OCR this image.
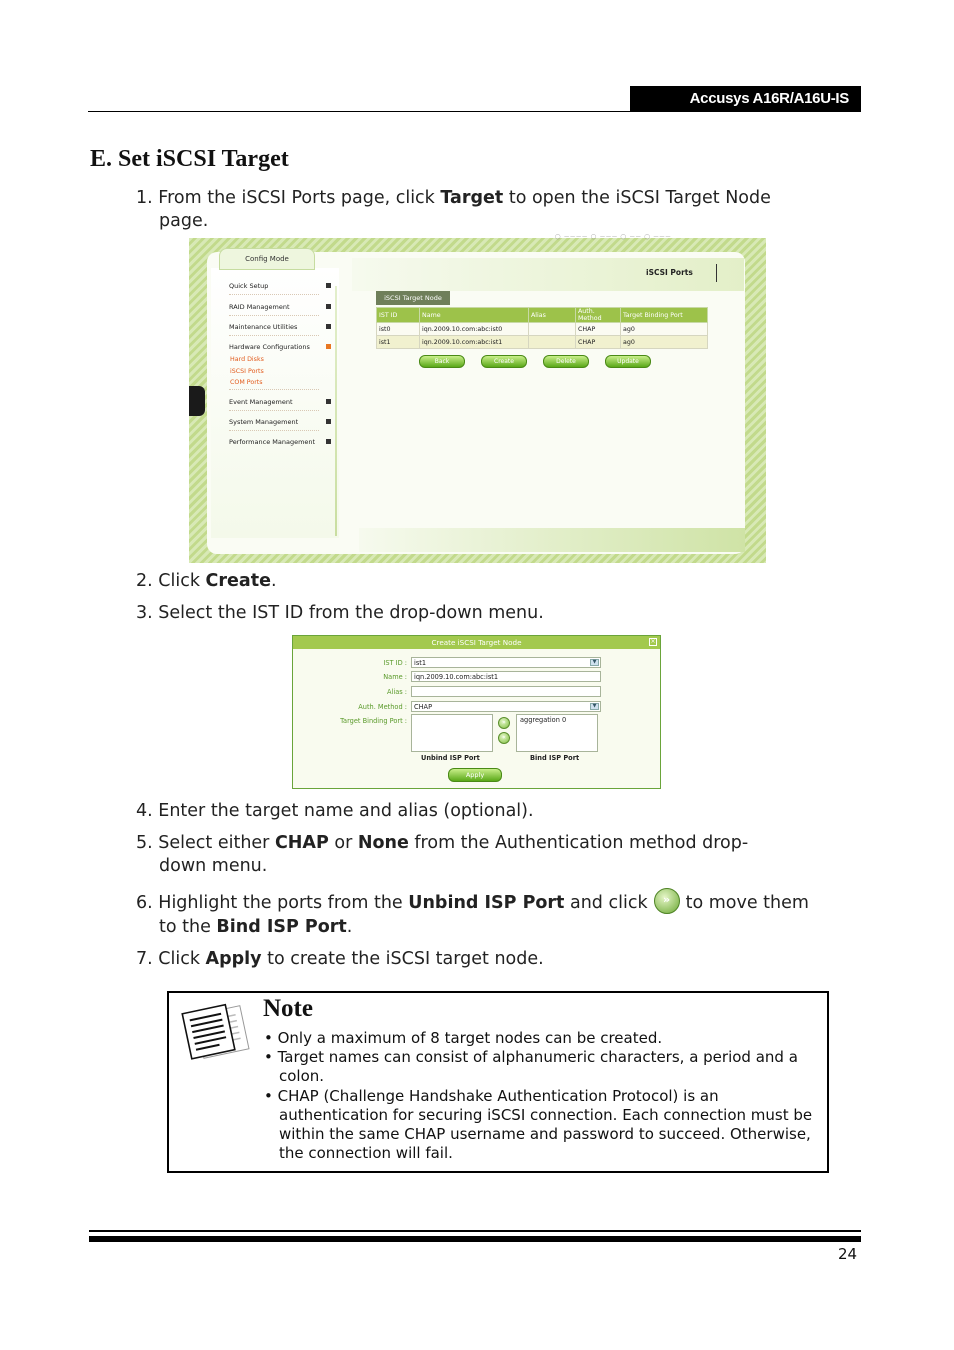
Accusys A16R/A16U-IS
E. Set iSCSI Target
1. From the iSCSI Ports page, click Target to open the iSCSI Target Node
page.
◯ ———— ◯ ——— ◯ —— ◯ ———
Config Mode
Quick Setup
RAID Management
Maintenance Utilities
Hardware Configurations
Hard Disks
iSCSI Ports
COM Ports
Event Management
System Management
Performance Management
iSCSI Ports
iSCSI Target Node
IST ID	Name	Alias	Auth. Method	Target Binding Port
ist0	iqn.2009.10.com:abc:ist0		CHAP	ag0
ist1	iqn.2009.10.com:abc:ist1		CHAP	ag0
Back	Create	Delete	Update
2. Click Create.
3. Select the IST ID from the drop-down menu.
Create iSCSI Target Node	×
IST ID :	ist1	▼
Name :	iqn.2009.10.com:abc:ist1
Alias :
Auth. Method :	CHAP	▼
Target Binding Port :	»
«
aggregation 0
Unbind ISP Port	Bind ISP Port
Apply
4. Enter the target name and alias (optional).
5. Select either CHAP or None from the Authentication method drop-
down menu.
6. Highlight the ports from the Unbind ISP Port and click » to move them
to the Bind ISP Port.
7. Click Apply to create the iSCSI target node.
Note
• Only a maximum of 8 target nodes can be created.
• Target names can consist of alphanumeric characters, a period and a colon.
• CHAP (Challenge Handshake Authentication Protocol) is an authentication for securing iSCSI connection. Each connection must be within the same CHAP username and password to succeed. Otherwise, the connection will fail.
24
